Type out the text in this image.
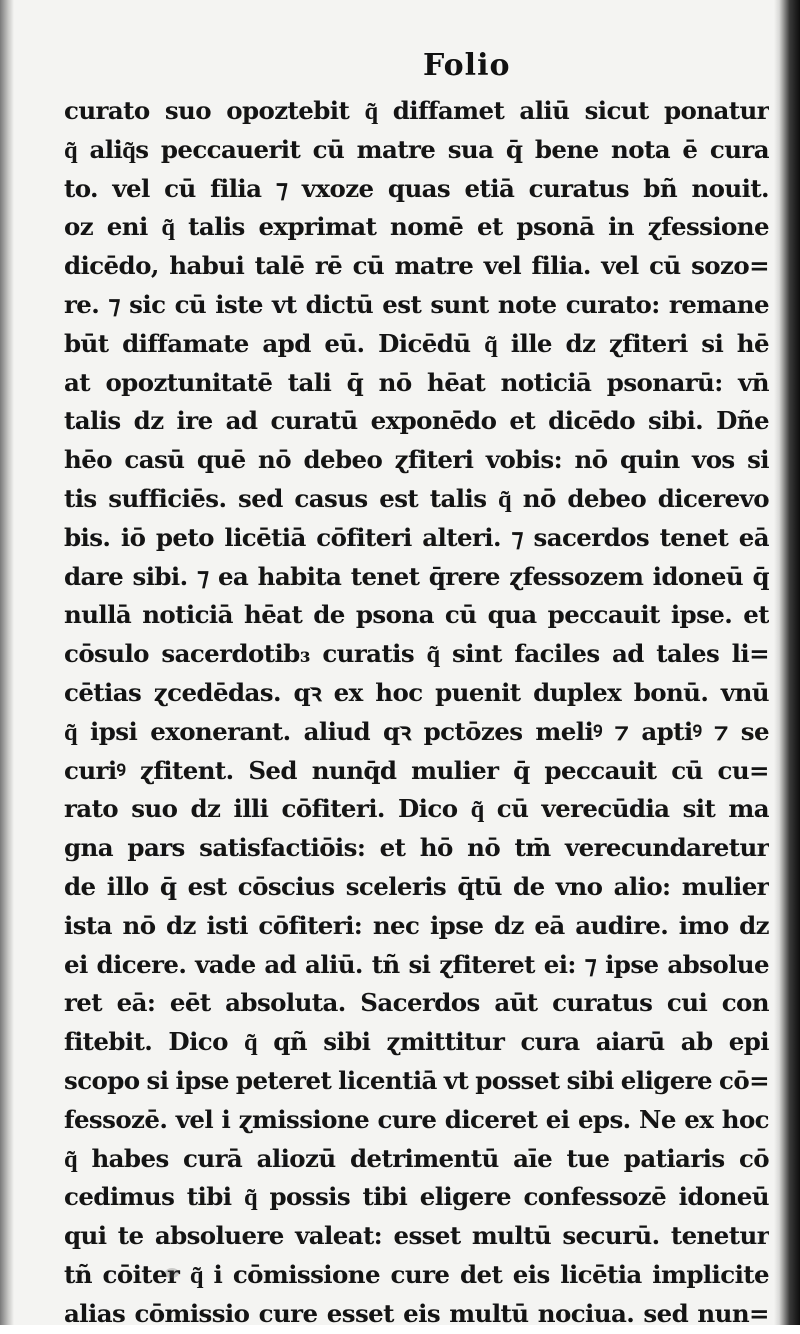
Folio
curato suo opoztebit q͂ diffamet aliū sicut ponatur
q͂ aliq͂s peccauerit cū matre sua q̄ bene nota ē cura
to. vel cū filia ⁊ vxoze quas etiā curatus bñ nouit.
oz eni q͂ talis exprimat nomē et psonā in ɀfessione
dicēdo, habui talē rē cū matre vel filia. vel cū sozo=
re. ⁊ sic cū iste vt dictū est sunt note curato: remane
būt diffamate apd eū. Dicēdū q͂ ille dz ɀfiteri si hē
at opoztunitatē tali q̄ nō hēat noticiā psonarū: vn̄
talis dz ire ad curatū exponēdo et dicēdo sibi. Dñe
hēo casū quē nō debeo ɀfiteri vobis: nō quin vos si
tis sufficiēs. sed casus est talis q͂ nō debeo dicerevo
bis. iō peto licētiā cōfiteri alteri. ⁊ sacerdos tenet eā
dare sibi. ⁊ ea habita tenet q̄rere ɀfessozem idoneū q̄
nullā noticiā hēat de psona cū qua peccauit ipse. et
cōsulo sacerdotib₃ curatis q͂ sint faciles ad tales li=
cētias ɀcedēdas. qꝛ ex hoc puenit duplex bonū. vnū
q͂ ipsi exonerant. aliud qꝛ pctōzes meliꝰ ⁊ aptiꝰ ⁊ se
curiꝰ ɀfitent. Sed nunq̄d mulier q̄ peccauit cū cu=
rato suo dz illi cōfiteri. Dico q͂ cū verecūdia sit ma
gna pars satisfactiōis: et hō nō tm̄ verecundaretur
de illo q̄ est cōscius sceleris q̄tū de vno alio: mulier
ista nō dz isti cōfiteri: nec ipse dz eā audire. imo dz
ei dicere. vade ad aliū. tñ si ɀfiteret ei: ⁊ ipse absolue
ret eā: eēt absoluta. Sacerdos aūt curatus cui con
fitebit. Dico q͂ qñ sibi ɀmittitur cura aiarū ab epi
scopo si ipse peteret licentiā vt posset sibi eligere cō=
fessozē. vel i ɀmissione cure diceret ei eps. Ne ex hoc
q͂ habes curā aliozū detrimentū aīe tue patiaris cō
cedimus tibi q͂ possis tibi eligere confessozē idoneū
qui te absoluere valeat: esset multū securū. tenetur
tñ cōiter q͂ i cōmissione cure det eis licētia implicite
alias cōmissio cure esset eis multū nociua. sed nun=
